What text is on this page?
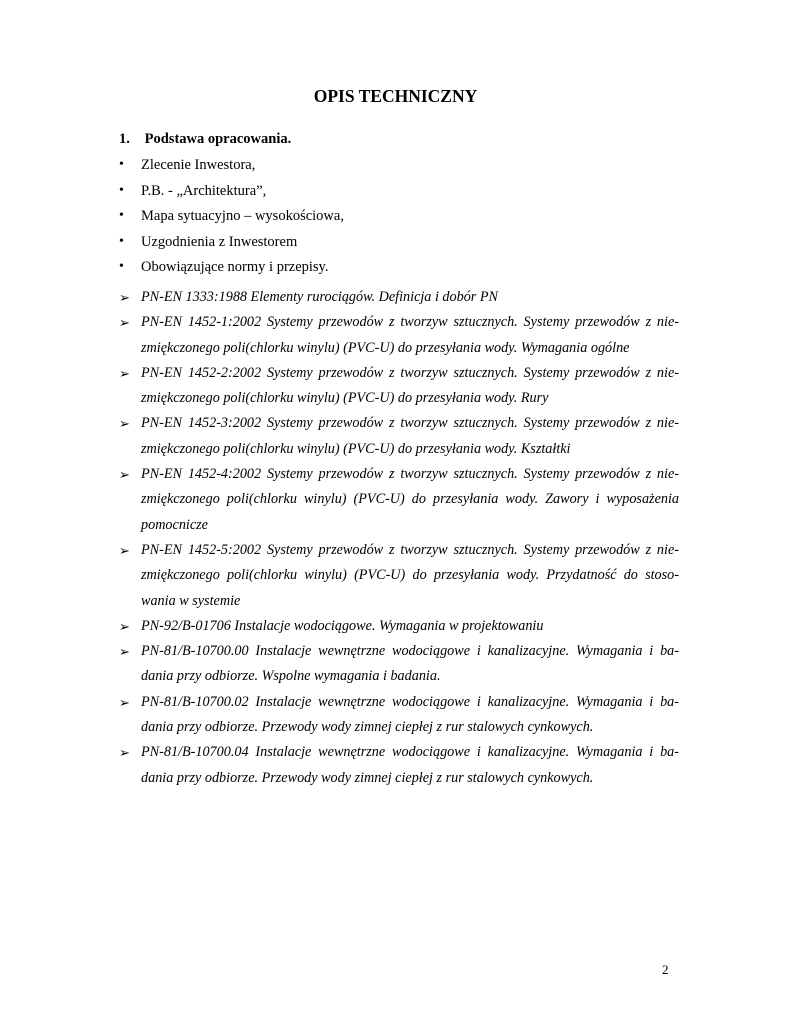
OPIS TECHNICZNY
1. Podstawa opracowania.
• Zlecenie Inwestora,
• P.B. - „Architektura”,
• Mapa sytuacyjno – wysokościowa,
• Uzgodnienia z Inwestorem
• Obowiązujące normy i przepisy.
➢ PN-EN 1333:1988 Elementy rurociągów. Definicja i dobór PN
➢ PN-EN 1452-1:2002 Systemy przewodów z tworzyw sztucznych. Systemy przewodów z nie-zmiękczonego poli(chlorku winylu) (PVC-U) do przesyłania wody. Wymagania ogólne
➢ PN-EN 1452-2:2002 Systemy przewodów z tworzyw sztucznych. Systemy przewodów z nie-zmiękczonego poli(chlorku winylu) (PVC-U) do przesyłania wody. Rury
➢ PN-EN 1452-3:2002 Systemy przewodów z tworzyw sztucznych. Systemy przewodów z nie-zmiękczonego poli(chlorku winylu) (PVC-U) do przesyłania wody. Kształtki
➢ PN-EN 1452-4:2002 Systemy przewodów z tworzyw sztucznych. Systemy przewodów z nie-zmiękczonego poli(chlorku winylu) (PVC-U) do przesyłania wody. Zawory i wyposażenia pomocnicze
➢ PN-EN 1452-5:2002 Systemy przewodów z tworzyw sztucznych. Systemy przewodów z nie-zmiękczonego poli(chlorku winylu) (PVC-U) do przesyłania wody. Przydatność do stoso-wania w systemie
➢ PN-92/B-01706 Instalacje wodociągowe. Wymagania w projektowaniu
➢ PN-81/B-10700.00 Instalacje wewnętrzne wodociągowe i kanalizacyjne. Wymagania i ba-dania przy odbiorze. Wspolne wymagania i badania.
➢ PN-81/B-10700.02 Instalacje wewnętrzne wodociągowe i kanalizacyjne. Wymagania i ba-dania przy odbiorze. Przewody wody zimnej ciepłej z rur stalowych cynkowych.
➢ PN-81/B-10700.04 Instalacje wewnętrzne wodociągowe i kanalizacyjne. Wymagania i ba-dania przy odbiorze. Przewody wody zimnej ciepłej z rur stalowych cynkowych.
2
